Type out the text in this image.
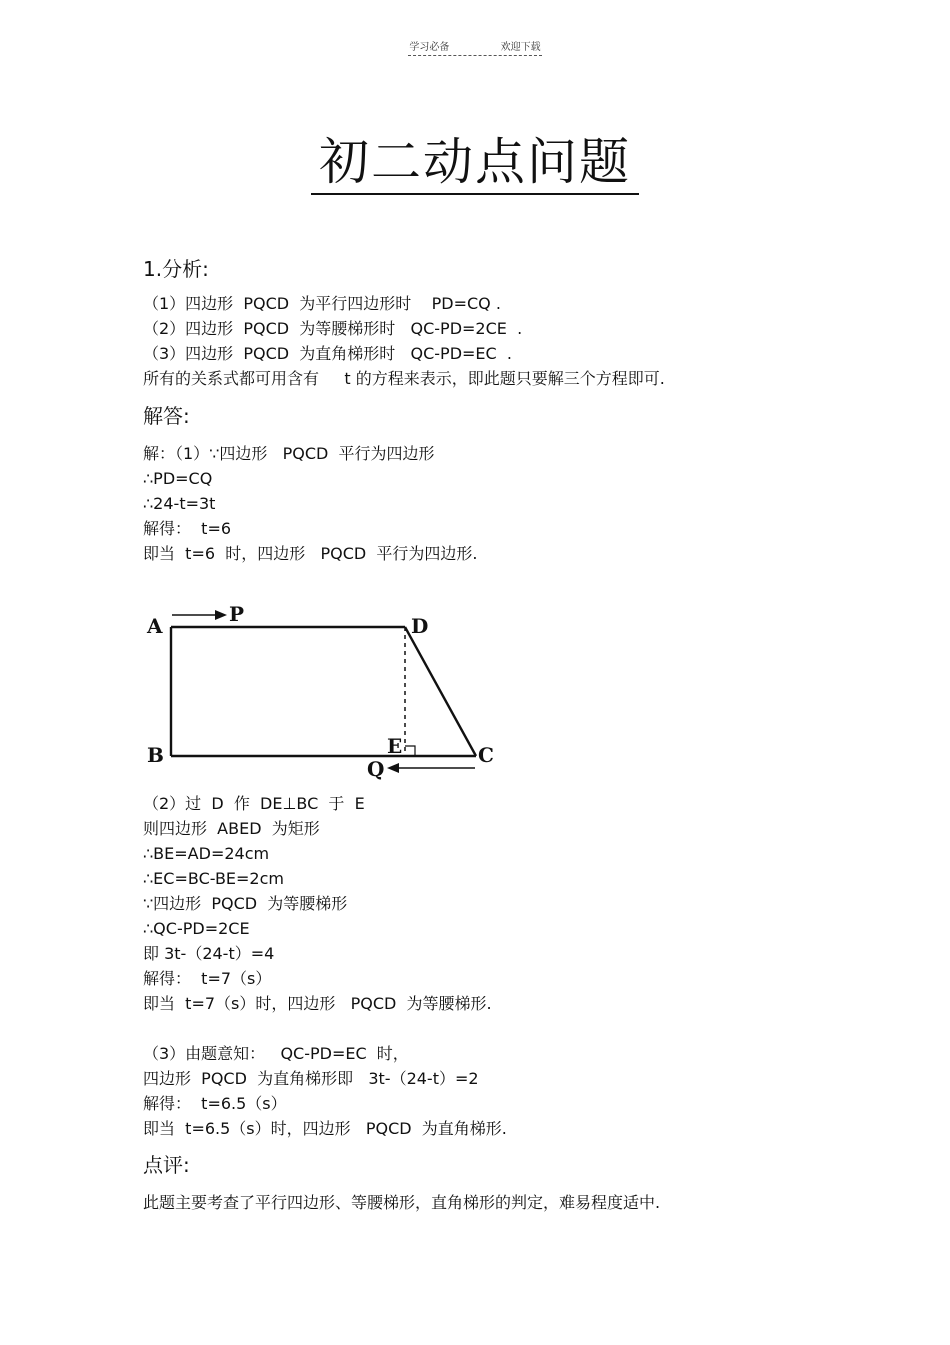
学习必备	欢迎下载
初二动点问题
1.分析:
（1）四边形  PQCD  为平行四边形时    PD=CQ .
（2）四边形  PQCD  为等腰梯形时   QC-PD=2CE  .
（3）四边形  PQCD  为直角梯形时   QC-PD=EC  .
所有的关系式都可用含有     t 的方程来表示，即此题只要解三个方程即可.
解答:
解：（1）∵四边形   PQCD  平行为四边形
∴PD=CQ
∴24-t=3t
解得：  t=6
即当  t=6  时，四边形   PQCD  平行为四边形.
A	P	D
B	E
Q
C
（2）过  D  作  DE⊥BC  于  E
则四边形  ABED  为矩形
∴BE=AD=24cm
∴EC=BC-BE=2cm
∵四边形  PQCD  为等腰梯形
∴QC-PD=2CE
即 3t-（24-t）=4
解得：  t=7（s）
即当  t=7（s）时，四边形   PQCD  为等腰梯形.
（3）由题意知：   QC-PD=EC  时，
四边形  PQCD  为直角梯形即   3t-（24-t）=2
解得：  t=6.5（s）
即当  t=6.5（s）时，四边形   PQCD  为直角梯形.
点评:
此题主要考查了平行四边形、等腰梯形，直角梯形的判定，难易程度适中.
